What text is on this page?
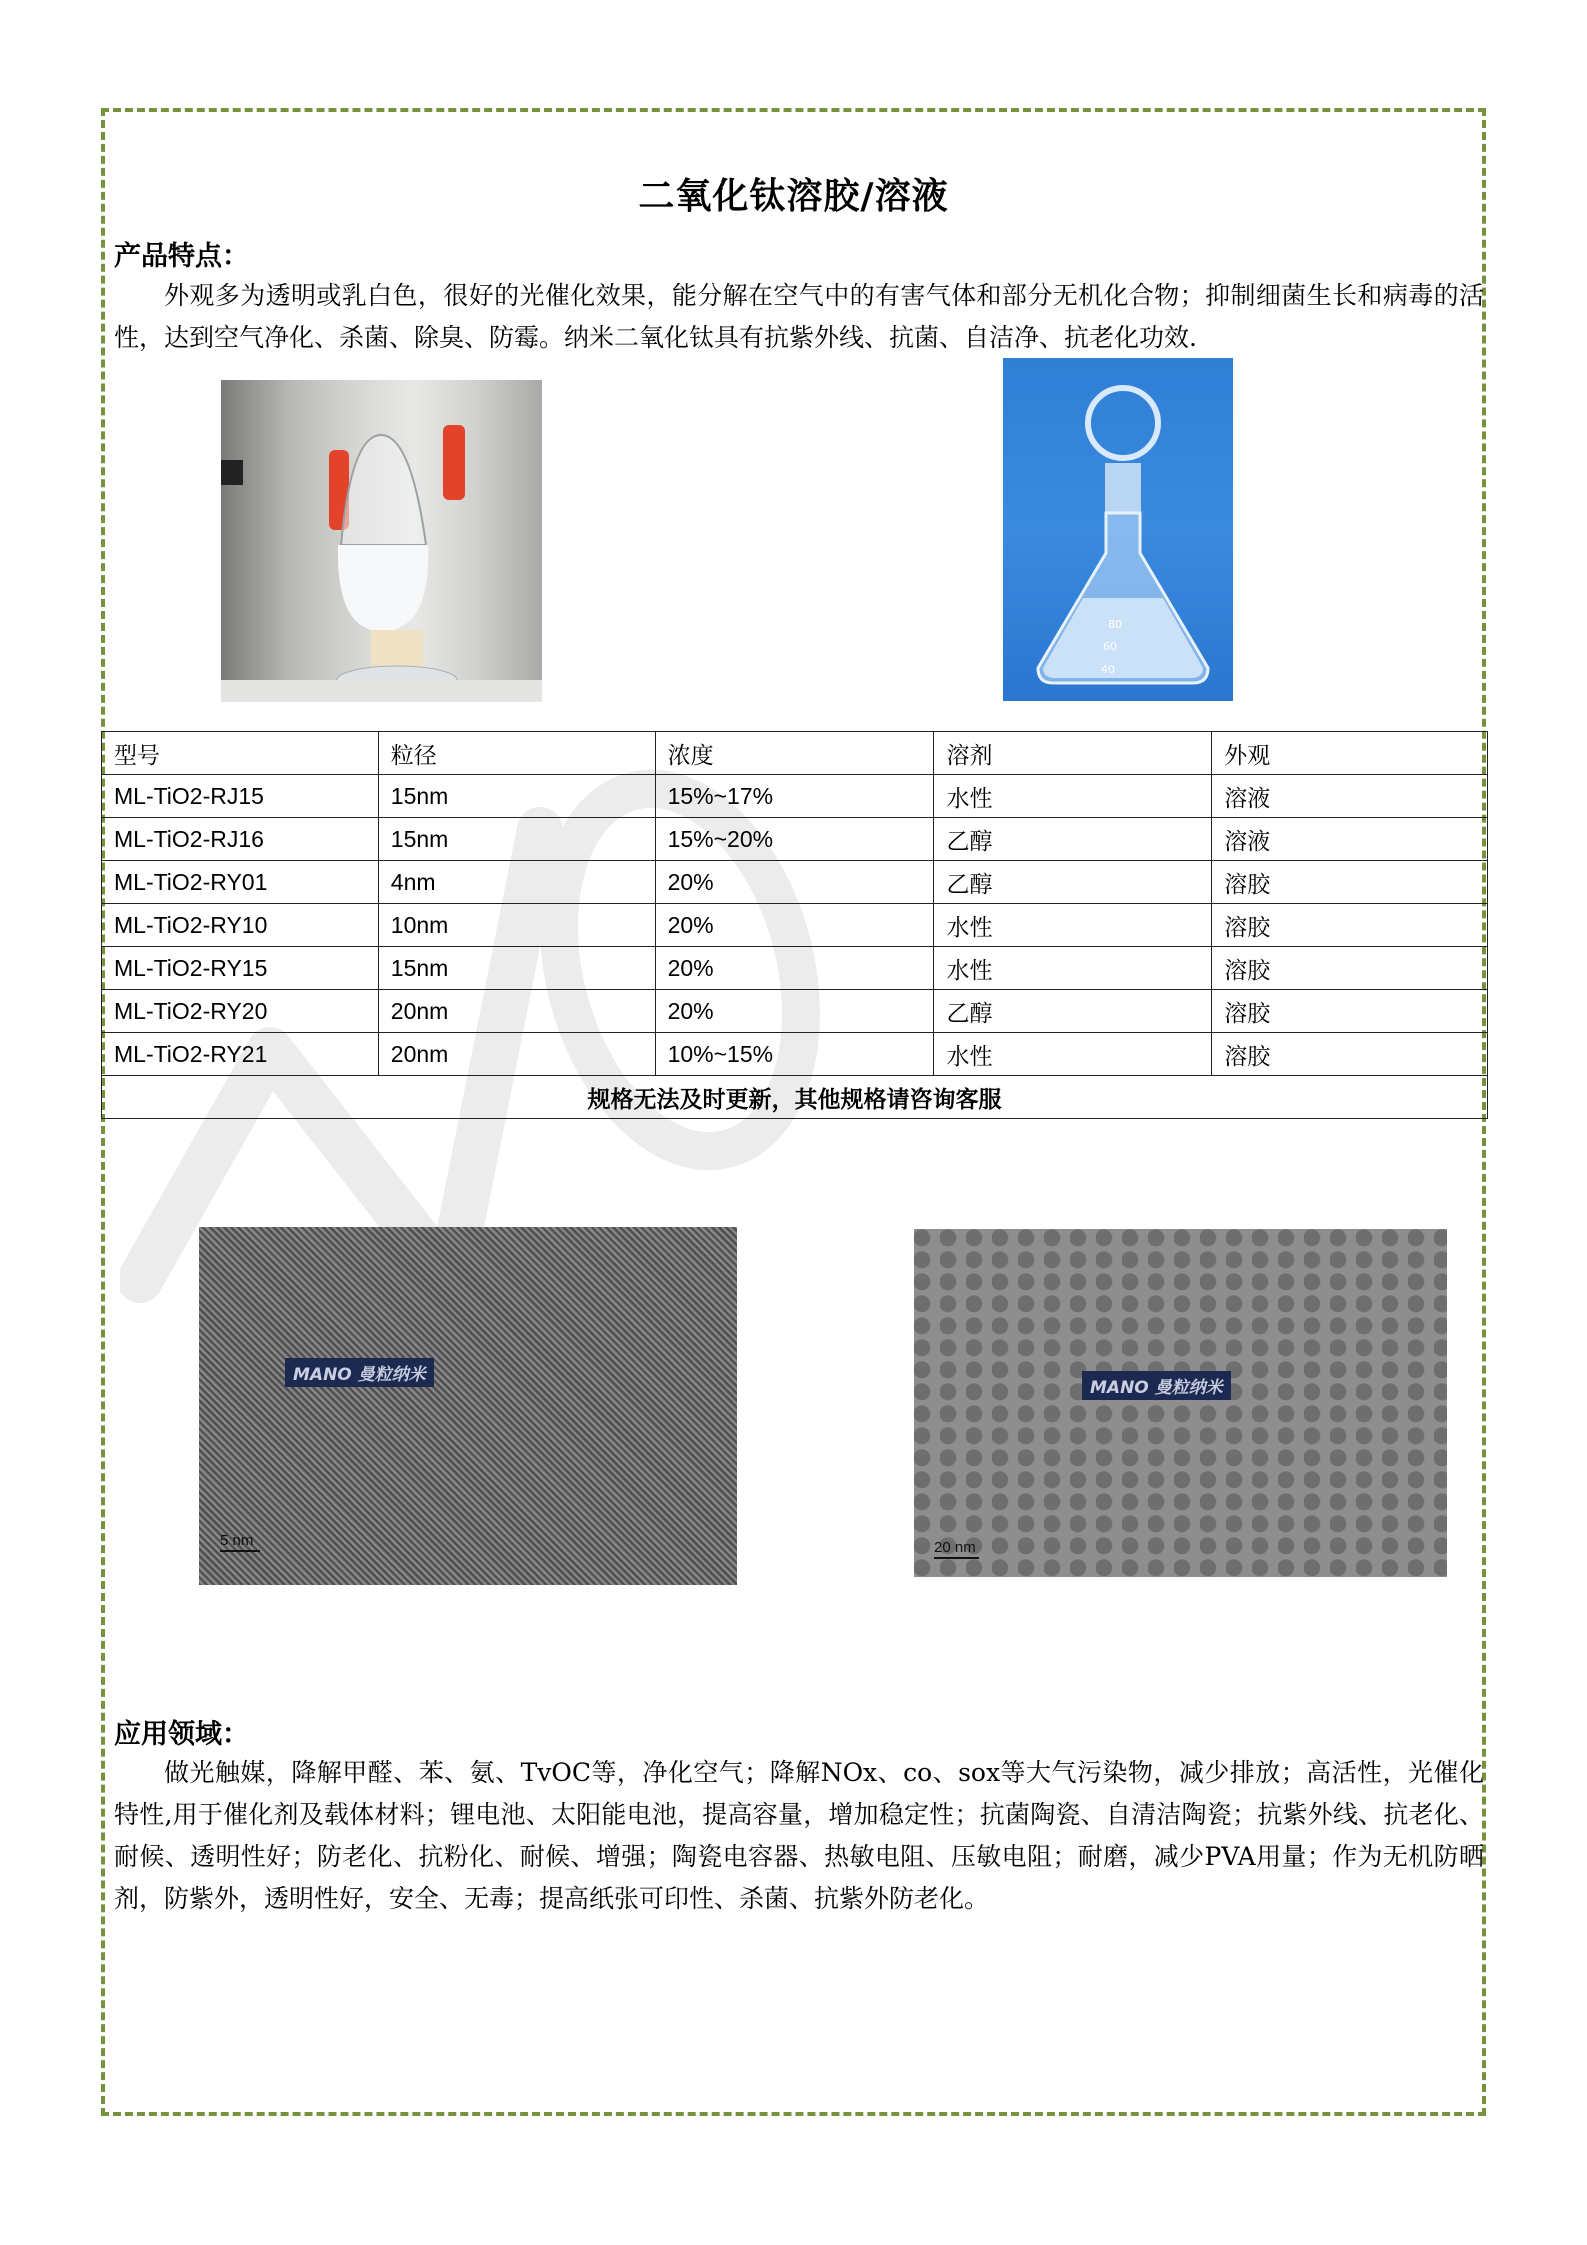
二氧化钛溶胶/溶液
产品特点：

外观多为透明或乳白色，很好的光催化效果，能分解在空气中的有害气体和部分无机化合物；抑制细菌生长和病毒的活性，达到空气净化、杀菌、除臭、防霉。纳米二氧化钛具有抗紫外线、抗菌、自洁净、抗老化功效.

80
60
40
型号	粒径	浓度	溶剂	外观
ML-TiO2-RJ15	15nm	15%~17%	水性	溶液
ML-TiO2-RJ16	15nm	15%~20%	乙醇	溶液
ML-TiO2-RY01	4nm	20%	乙醇	溶胶
ML-TiO2-RY10	10nm	20%	水性	溶胶
ML-TiO2-RY15	15nm	20%	水性	溶胶
ML-TiO2-RY20	20nm	20%	乙醇	溶胶
ML-TiO2-RY21	20nm	10%~15%	水性	溶胶
规格无法及时更新，其他规格请咨询客服				
MANO 曼粒纳米
5 nm
MANO 曼粒纳米
20 nm
应用领域：

做光触媒，降解甲醛、苯、氨、TvOC等，净化空气；降解NOx、co、sox等大气污染物，减少排放；高活性，光催化特性,用于催化剂及载体材料；锂电池、太阳能电池，提高容量，增加稳定性；抗菌陶瓷、自清洁陶瓷；抗紫外线、抗老化、耐候、透明性好；防老化、抗粉化、耐候、增强；陶瓷电容器、热敏电阻、压敏电阻；耐磨，减少PVA用量；作为无机防晒剂，防紫外，透明性好，安全、无毒；提高纸张可印性、杀菌、抗紫外防老化。
